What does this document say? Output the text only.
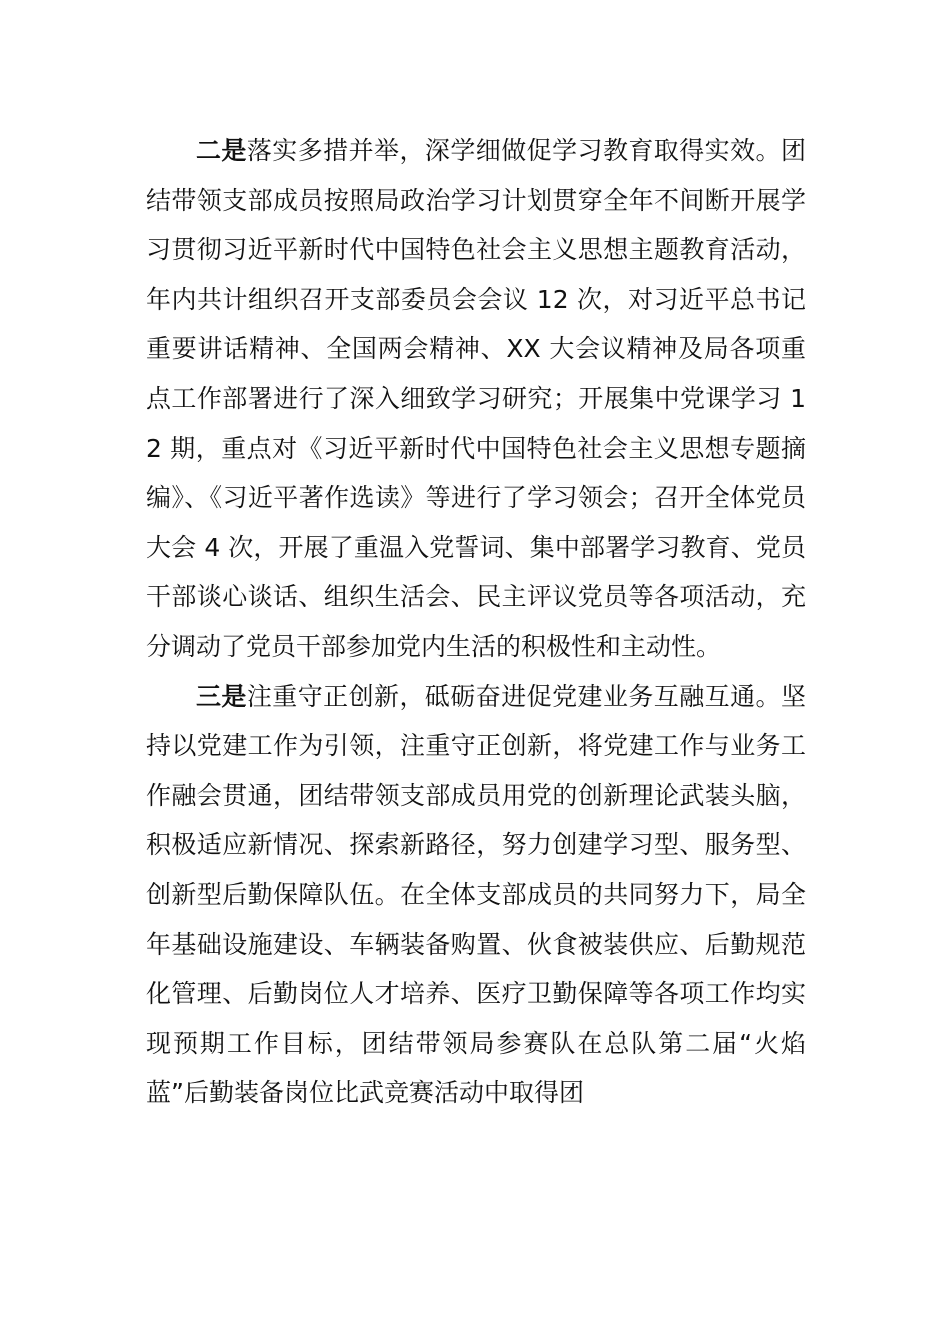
二是落实多措并举，深学细做促学习教育取得实效。团结带领支部成员按照局政治学习计划贯穿全年不间断开展学习贯彻习近平新时代中国特色社会主义思想主题教育活动，年内共计组织召开支部委员会会议 12 次，对习近平总书记重要讲话精神、全国两会精神、XX 大会议精神及局各项重点工作部署进行了深入细致学习研究；开展集中党课学习 12 期，重点对《习近平新时代中国特色社会主义思想专题摘编》、《习近平著作选读》等进行了学习领会；召开全体党员大会 4 次，开展了重温入党誓词、集中部署学习教育、党员干部谈心谈话、组织生活会、民主评议党员等各项活动，充分调动了党员干部参加党内生活的积极性和主动性。

三是注重守正创新，砥砺奋进促党建业务互融互通。坚持以党建工作为引领，注重守正创新，将党建工作与业务工作融会贯通，团结带领支部成员用党的创新理论武装头脑，积极适应新情况、探索新路径，努力创建学习型、服务型、创新型后勤保障队伍。在全体支部成员的共同努力下，局全年基础设施建设、车辆装备购置、伙食被装供应、后勤规范化管理、后勤岗位人才培养、医疗卫勤保障等各项工作均实现预期工作目标，团结带领局参赛队在总队第二届“火焰蓝”后勤装备岗位比武竞赛活动中取得团
